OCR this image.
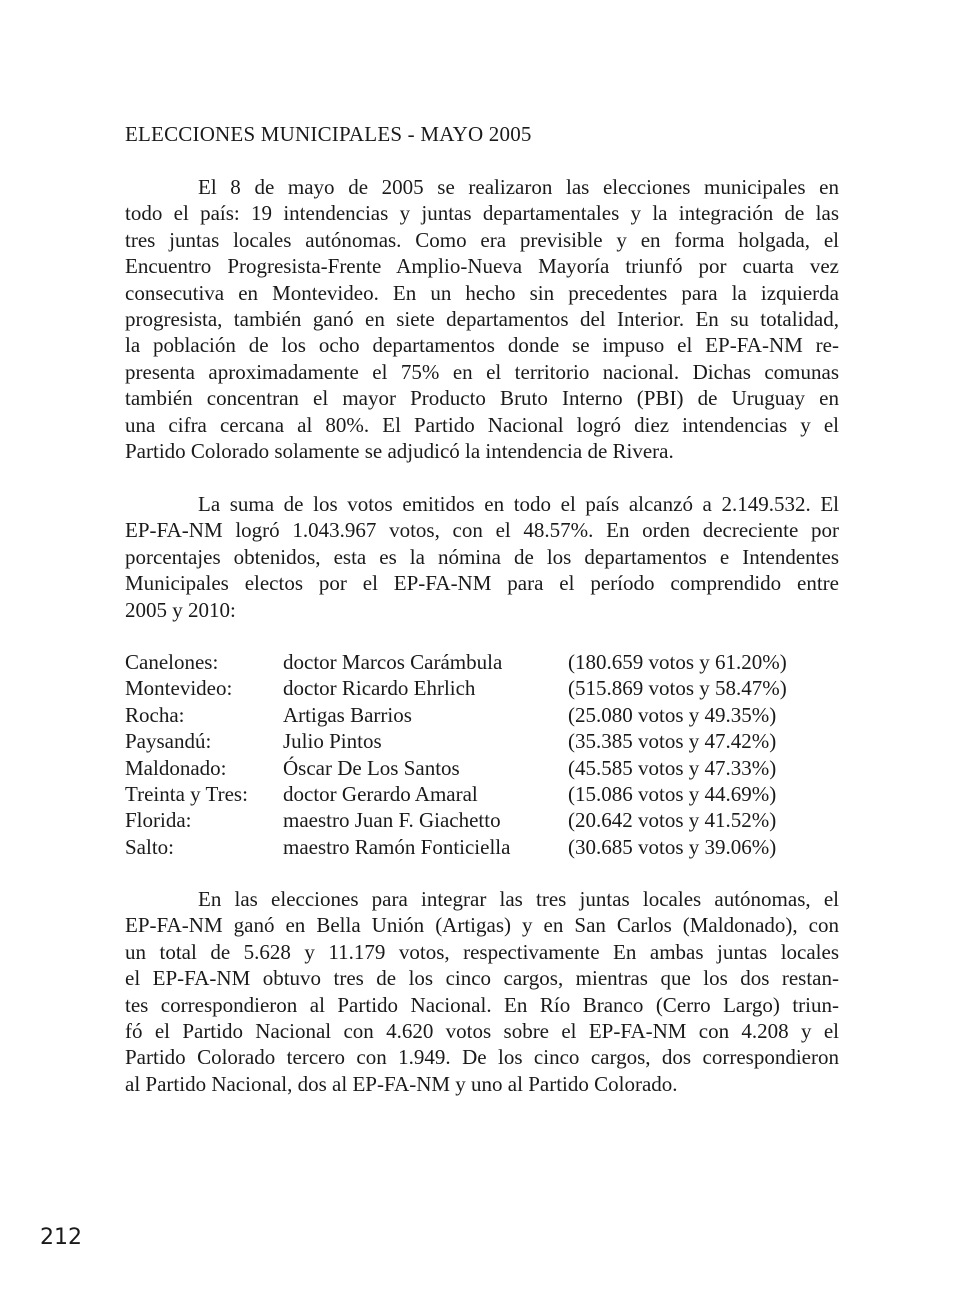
ELECCIONES MUNICIPALES - MAYO 2005
El 8 de mayo de 2005 se realizaron las elecciones municipales en
todo el país: 19 intendencias y juntas departamentales y la integración de las
tres juntas locales autónomas. Como era previsible y en forma holgada, el
Encuentro Progresista-Frente Amplio-Nueva Mayoría triunfó por cuarta vez
consecutiva en Montevideo. En un hecho sin precedentes para la izquierda
progresista, también ganó en siete departamentos del Interior. En su totalidad,
la población de los ocho departamentos donde se impuso el EP-FA-NM re-
presenta aproximadamente el 75% en el territorio nacional. Dichas comunas
también concentran el mayor Producto Bruto Interno (PBI) de Uruguay en
una cifra cercana al 80%. El Partido Nacional logró diez intendencias y el
Partido Colorado solamente se adjudicó la intendencia de Rivera.
La suma de los votos emitidos en todo el país alcanzó a 2.149.532. El
EP-FA-NM logró 1.043.967 votos, con el 48.57%. En orden decreciente por
porcentajes obtenidos, esta es la nómina de los departamentos e Intendentes
Municipales electos por el EP-FA-NM para el período comprendido entre
2005 y 2010:
Canelones:	doctor Marcos Carámbula	(180.659 votos y 61.20%)
Montevideo: doctor Ricardo Ehrlich	(515.869 votos y 58.47%)
Rocha:	Artigas Barrios	(25.080 votos y 49.35%)
Paysandú:	Julio Pintos	(35.385 votos y 47.42%)
Maldonado:	Óscar De Los Santos	(45.585 votos y 47.33%)
Treinta y Tres: doctor Gerardo Amaral	(15.086 votos y 44.69%)
Florida:	maestro Juan F. Giachetto	(20.642 votos y 41.52%)
Salto:	maestro Ramón Fonticiella	(30.685 votos y 39.06%)
En las elecciones para integrar las tres juntas locales autónomas, el
EP-FA-NM ganó en Bella Unión (Artigas) y en San Carlos (Maldonado), con
un total de 5.628 y 11.179 votos, respectivamente En ambas juntas locales
el EP-FA-NM obtuvo tres de los cinco cargos, mientras que los dos restan-
tes correspondieron al Partido Nacional. En Río Branco (Cerro Largo) triun-
fó el Partido Nacional con 4.620 votos sobre el EP-FA-NM con 4.208 y el
Partido Colorado tercero con 1.949. De los cinco cargos, dos correspondieron
al Partido Nacional, dos al EP-FA-NM y uno al Partido Colorado.
212
